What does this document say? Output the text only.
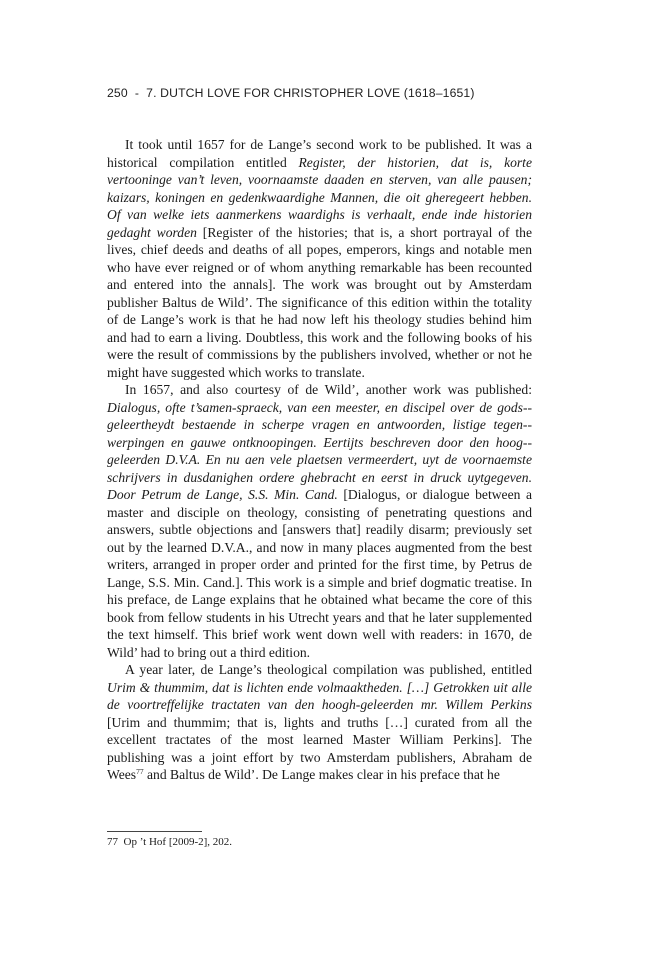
250 - 7. DUTCH LOVE FOR CHRISTOPHER LOVE (1618–1651)

It took until 1657 for de Lange’s second work to be published. It was a historical compilation entitled Register, der historien, dat is, korte vertooninge van’t leven, voornaamste daaden en sterven, van alle pausen; kaizars, koningen en gedenkwaardighe Mannen, die oit gheregeert hebben. Of van welke iets aanmerkens waardighs is verhaalt, ende inde historien gedaght worden [Register of the histories; that is, a short portrayal of the lives, chief deeds and deaths of all popes, emperors, kings and notable men who have ever reigned or of whom anything remarkable has been recounted and entered into the annals]. The work was brought out by Amsterdam publisher Baltus de Wild’. The significance of this edition within the totality of de Lange’s work is that he had now left his theology studies behind him and had to earn a living. Doubtless, this work and the following books of his were the result of commissions by the publishers involved, whether or not he might have suggested which works to translate.

In 1657, and also courtesy of de Wild’, another work was published: Dialogus, ofte t’samen-spraeck, van een meester, en discipel over de gods-geleertheydt bestaende in scherpe vragen en antwoorden, listige tegen-werpingen en gauwe ontknoopingen. Eertijts beschreven door den hoog-geleerden D.V.A. En nu aen vele plaetsen vermeerdert, uyt de voornaemste schrijvers in dusdanighen ordere ghebracht en eerst in druck uytgegeven. Door Petrum de Lange, S.S. Min. Cand. [Dialogus, or dialogue between a master and disciple on theology, consisting of penetrating questions and answers, subtle objections and [answers that] readily disarm; previously set out by the learned D.V.A., and now in many places augmented from the best writers, arranged in proper order and printed for the first time, by Petrus de Lange, S.S. Min. Cand.]. This work is a simple and brief dogmatic treatise. In his preface, de Lange explains that he obtained what became the core of this book from fellow students in his Utrecht years and that he later supplemented the text himself. This brief work went down well with readers: in 1670, de Wild’ had to bring out a third edition.

A year later, de Lange’s theological compilation was published, entitled Urim & thummim, dat is lichten ende volmaaktheden. […] Getrokken uit alle de voortreffelijke tractaten van den hoogh-geleerden mr. Willem Perkins [Urim and thummim; that is, lights and truths […] curated from all the excellent tractates of the most learned Master William Perkins]. The publishing was a joint effort by two Amsterdam publishers, Abraham de Wees$^{77}$ and Baltus de Wild’. De Lange makes clear in his preface that he

77 Op ’t Hof [2009-2], 202.
